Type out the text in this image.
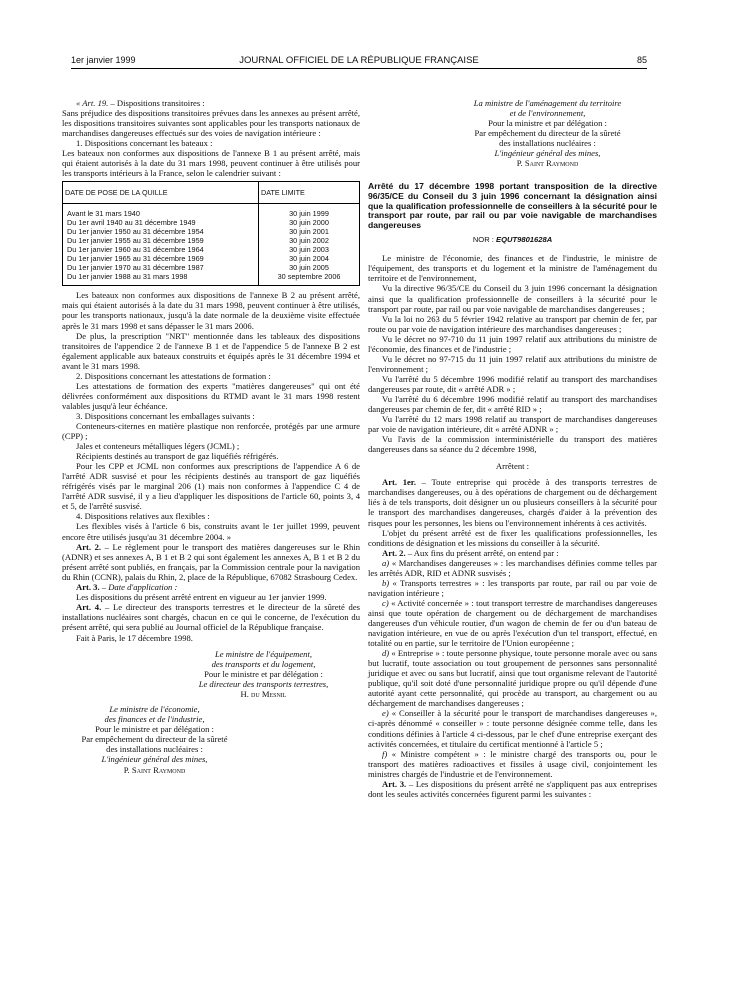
1er janvier 1999	JOURNAL OFFICIEL DE LA RÉPUBLIQUE FRANÇAISE	85

« Art. 19. – Dispositions transitoires :

Sans préjudice des dispositions transitoires prévues dans les annexes au présent arrêté, les dispositions transitoires suivantes sont applicables pour les transports nationaux de marchandises dangereuses effectués sur des voies de navigation intérieure :

1. Dispositions concernant les bateaux :

Les bateaux non conformes aux dispositions de l'annexe B 1 au présent arrêté, mais qui étaient autorisés à la date du 31 mars 1998, peuvent continuer à être utilisés pour les transports intérieurs à la France, selon le calendrier suivant :

DATE DE POSE DE LA QUILLE	DATE LIMITE
Avant le 31 mars 1940	30 juin 1999
Du 1er avril 1940 au 31 décembre 1949	30 juin 2000
Du 1er janvier 1950 au 31 décembre 1954	30 juin 2001
Du 1er janvier 1955 au 31 décembre 1959	30 juin 2002
Du 1er janvier 1960 au 31 décembre 1964	30 juin 2003
Du 1er janvier 1965 au 31 décembre 1969	30 juin 2004
Du 1er janvier 1970 au 31 décembre 1987	30 juin 2005
Du 1er janvier 1988 au 31 mars 1998	30 septembre 2006

Les bateaux non conformes aux dispositions de l'annexe B 2 au présent arrêté, mais qui étaient autorisés à la date du 31 mars 1998, peuvent continuer à être utilisés, pour les transports nationaux, jusqu'à la date normale de la deuxième visite effectuée après le 31 mars 1998 et sans dépasser le 31 mars 2006.

De plus, la prescription "NRT" mentionnée dans les tableaux des dispositions transitoires de l'appendice 2 de l'annexe B 1 et de l'appendice 5 de l'annexe B 2 est également applicable aux bateaux construits et équipés après le 31 décembre 1994 et avant le 31 mars 1998.

2. Dispositions concernant les attestations de formation :

Les attestations de formation des experts "matières dangereuses" qui ont été délivrées conformément aux dispositions du RTMD avant le 31 mars 1998 restent valables jusqu'à leur échéance.

3. Dispositions concernant les emballages suivants :

Conteneurs-citernes en matière plastique non renforcée, protégés par une armure (CPP) ;

Jales et conteneurs métalliques légers (JCML) ;

Récipients destinés au transport de gaz liquéfiés réfrigérés.

Pour les CPP et JCML non conformes aux prescriptions de l'appendice A 6 de l'arrêté ADR susvisé et pour les récipients destinés au transport de gaz liquéfiés réfrigérés visés par le marginal 206 (1) mais non conformes à l'appendice C 4 de l'arrêté ADR susvisé, il y a lieu d'appliquer les dispositions de l'article 60, points 3, 4 et 5, de l'arrêté susvisé.

4. Dispositions relatives aux flexibles :

Les flexibles visés à l'article 6 bis, construits avant le 1er juillet 1999, peuvent encore être utilisés jusqu'au 31 décembre 2004. »

Art. 2. – Le règlement pour le transport des matières dangereuses sur le Rhin (ADNR) et ses annexes A, B 1 et B 2 qui sont également les annexes A, B 1 et B 2 du présent arrêté sont publiés, en français, par la Commission centrale pour la navigation du Rhin (CCNR), palais du Rhin, 2, place de la République, 67082 Strasbourg Cedex.

Art. 3. – Date d'application :

Les dispositions du présent arrêté entrent en vigueur au 1er janvier 1999.

Art. 4. – Le directeur des transports terrestres et le directeur de la sûreté des installations nucléaires sont chargés, chacun en ce qui le concerne, de l'exécution du présent arrêté, qui sera publié au Journal officiel de la République française.

Fait à Paris, le 17 décembre 1998.

Le ministre de l'équipement,

des transports et du logement,

Pour le ministre et par délégation :

Le directeur des transports terrestres,

H. du Mesnil

Le ministre de l'économie,

des finances et de l'industrie,

Pour le ministre et par délégation :

Par empêchement du directeur de la sûreté

des installations nucléaires :

L'ingénieur général des mines,

P. Saint Raymond

La ministre de l'aménagement du territoire

et de l'environnement,

Pour la ministre et par délégation :

Par empêchement du directeur de la sûreté

des installations nucléaires :

L'ingénieur général des mines,

P. Saint Raymond

Arrêté du 17 décembre 1998 portant transposition de la directive 96/35/CE du Conseil du 3 juin 1996 concernant la désignation ainsi que la qualification professionnelle de conseillers à la sécurité pour le transport par route, par rail ou par voie navigable de marchandises dangereuses

NOR : EQUT9801628A

Le ministre de l'économie, des finances et de l'industrie, le ministre de l'équipement, des transports et du logement et la ministre de l'aménagement du territoire et de l'environnement,

Vu la directive 96/35/CE du Conseil du 3 juin 1996 concernant la désignation ainsi que la qualification professionnelle de conseillers à la sécurité pour le transport par route, par rail ou par voie navigable de marchandises dangereuses ;

Vu la loi no 263 du 5 février 1942 relative au transport par chemin de fer, par route ou par voie de navigation intérieure des marchandises dangereuses ;

Vu le décret no 97-710 du 11 juin 1997 relatif aux attributions du ministre de l'économie, des finances et de l'industrie ;

Vu le décret no 97-715 du 11 juin 1997 relatif aux attributions du ministre de l'environnement ;

Vu l'arrêté du 5 décembre 1996 modifié relatif au transport des marchandises dangereuses par route, dit « arrêté ADR » ;

Vu l'arrêté du 6 décembre 1996 modifié relatif au transport des marchandises dangereuses par chemin de fer, dit « arrêté RID » ;

Vu l'arrêté du 12 mars 1998 relatif au transport de marchandises dangereuses par voie de navigation intérieure, dit « arrêté ADNR » ;

Vu l'avis de la commission interministérielle du transport des matières dangereuses dans sa séance du 2 décembre 1998,

Arrêtent :

Art. 1er. – Toute entreprise qui procède à des transports terrestres de marchandises dangereuses, ou à des opérations de chargement ou de déchargement liés à de tels transports, doit désigner un ou plusieurs conseillers à la sécurité pour le transport des marchandises dangereuses, chargés d'aider à la prévention des risques pour les personnes, les biens ou l'environnement inhérents à ces activités.

L'objet du présent arrêté est de fixer les qualifications professionnelles, les conditions de désignation et les missions du conseiller à la sécurité.

Art. 2. – Aux fins du présent arrêté, on entend par :

a) « Marchandises dangereuses » : les marchandises définies comme telles par les arrêtés ADR, RID et ADNR susvisés ;

b) « Transports terrestres » : les transports par route, par rail ou par voie de navigation intérieure ;

c) « Activité concernée » : tout transport terrestre de marchandises dangereuses ainsi que toute opération de chargement ou de déchargement de marchandises dangereuses d'un véhicule routier, d'un wagon de chemin de fer ou d'un bateau de navigation intérieure, en vue de ou après l'exécution d'un tel transport, effectué, en totalité ou en partie, sur le territoire de l'Union européenne ;

d) « Entreprise » : toute personne physique, toute personne morale avec ou sans but lucratif, toute association ou tout groupement de personnes sans personnalité juridique et avec ou sans but lucratif, ainsi que tout organisme relevant de l'autorité publique, qu'il soit doté d'une personnalité juridique propre ou qu'il dépende d'une autorité ayant cette personnalité, qui procède au transport, au chargement ou au déchargement de marchandises dangereuses ;

e) « Conseiller à la sécurité pour le transport de marchandises dangereuses », ci-après dénommé « conseiller » : toute personne désignée comme telle, dans les conditions définies à l'article 4 ci-dessous, par le chef d'une entreprise exerçant des activités concernées, et titulaire du certificat mentionné à l'article 5 ;

f) « Ministre compétent » : le ministre chargé des transports ou, pour le transport des matières radioactives et fissiles à usage civil, conjointement les ministres chargés de l'industrie et de l'environnement.

Art. 3. – Les dispositions du présent arrêté ne s'appliquent pas aux entreprises dont les seules activités concernées figurent parmi les suivantes :
